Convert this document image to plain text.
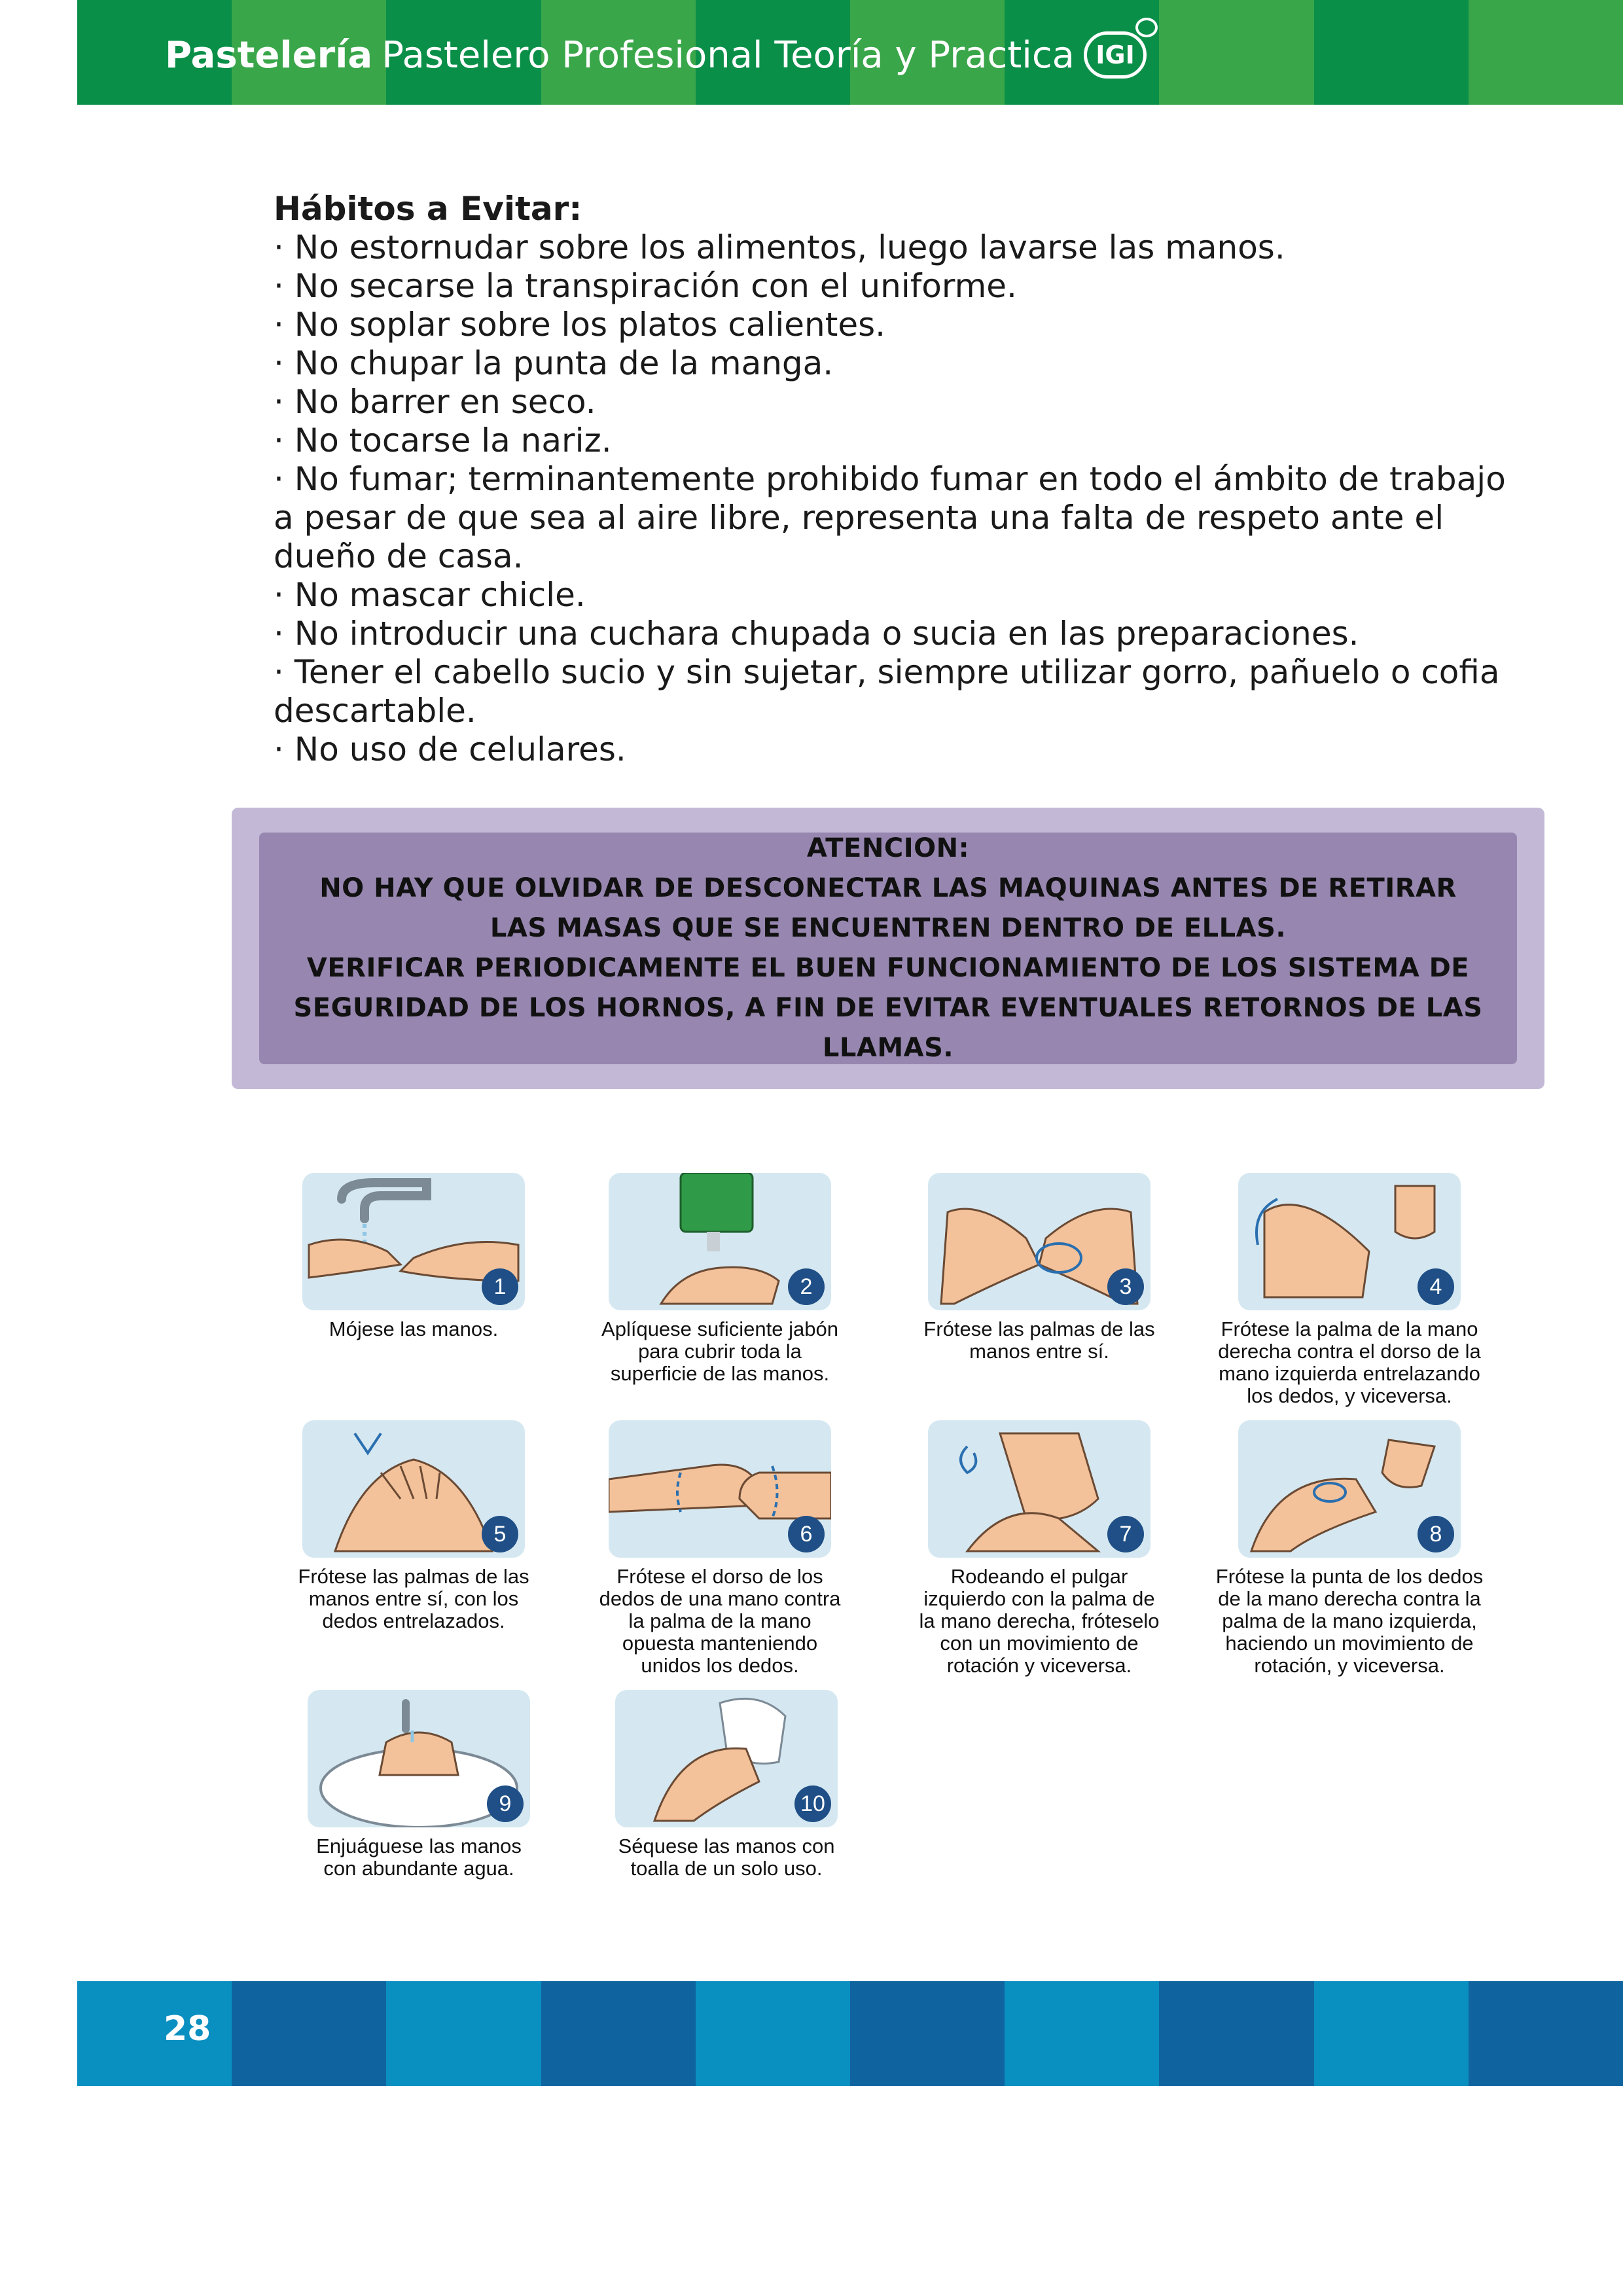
Pastelería Pastelero Profesional Teoría y Practica IGI
Hábitos a Evitar:
· No estornudar sobre los alimentos, luego lavarse las manos.
· No secarse la transpiración con el uniforme.
· No soplar sobre los platos calientes.
· No chupar la punta de la manga.
· No barrer en seco.
· No tocarse la nariz.
· No fumar; terminantemente prohibido fumar en todo el ámbito de trabajo a pesar de que sea al aire libre, representa una falta de respeto ante el dueño de casa.
· No mascar chicle.
· No introducir una cuchara chupada o sucia en las preparaciones.
· Tener el cabello sucio y sin sujetar, siempre utilizar gorro, pañuelo o cofia descartable.
· No uso de celulares.
ATENCION:
NO HAY QUE OLVIDAR DE DESCONECTAR LAS MAQUINAS ANTES DE RETIRAR
LAS MASAS QUE SE ENCUENTREN DENTRO DE ELLAS.
VERIFICAR PERIODICAMENTE EL BUEN FUNCIONAMIENTO DE LOS SISTEMA DE
SEGURIDAD DE LOS HORNOS, A FIN DE EVITAR EVENTUALES RETORNOS DE LAS LLAMAS.
1
Mójese las manos.
2
Aplíquese suficiente jabón
para cubrir toda la
superficie de las manos.
3
Frótese las palmas de las
manos entre sí.
4
Frótese la palma de la mano
derecha contra el dorso de la
mano izquierda entrelazando
los dedos, y viceversa.
5
Frótese las palmas de las
manos entre sí, con los
dedos entrelazados.
6
Frótese el dorso de los
dedos de una mano contra
la palma de la mano
opuesta manteniendo
unidos los dedos.
7
Rodeando el pulgar
izquierdo con la palma de
la mano derecha, fróteselo
con un movimiento de
rotación y viceversa.
8
Frótese la punta de los dedos
de la mano derecha contra la
palma de la mano izquierda,
haciendo un movimiento de
rotación, y viceversa.
9
Enjuáguese las manos
con abundante agua.
10
Séquese las manos con
toalla de un solo uso.
28
